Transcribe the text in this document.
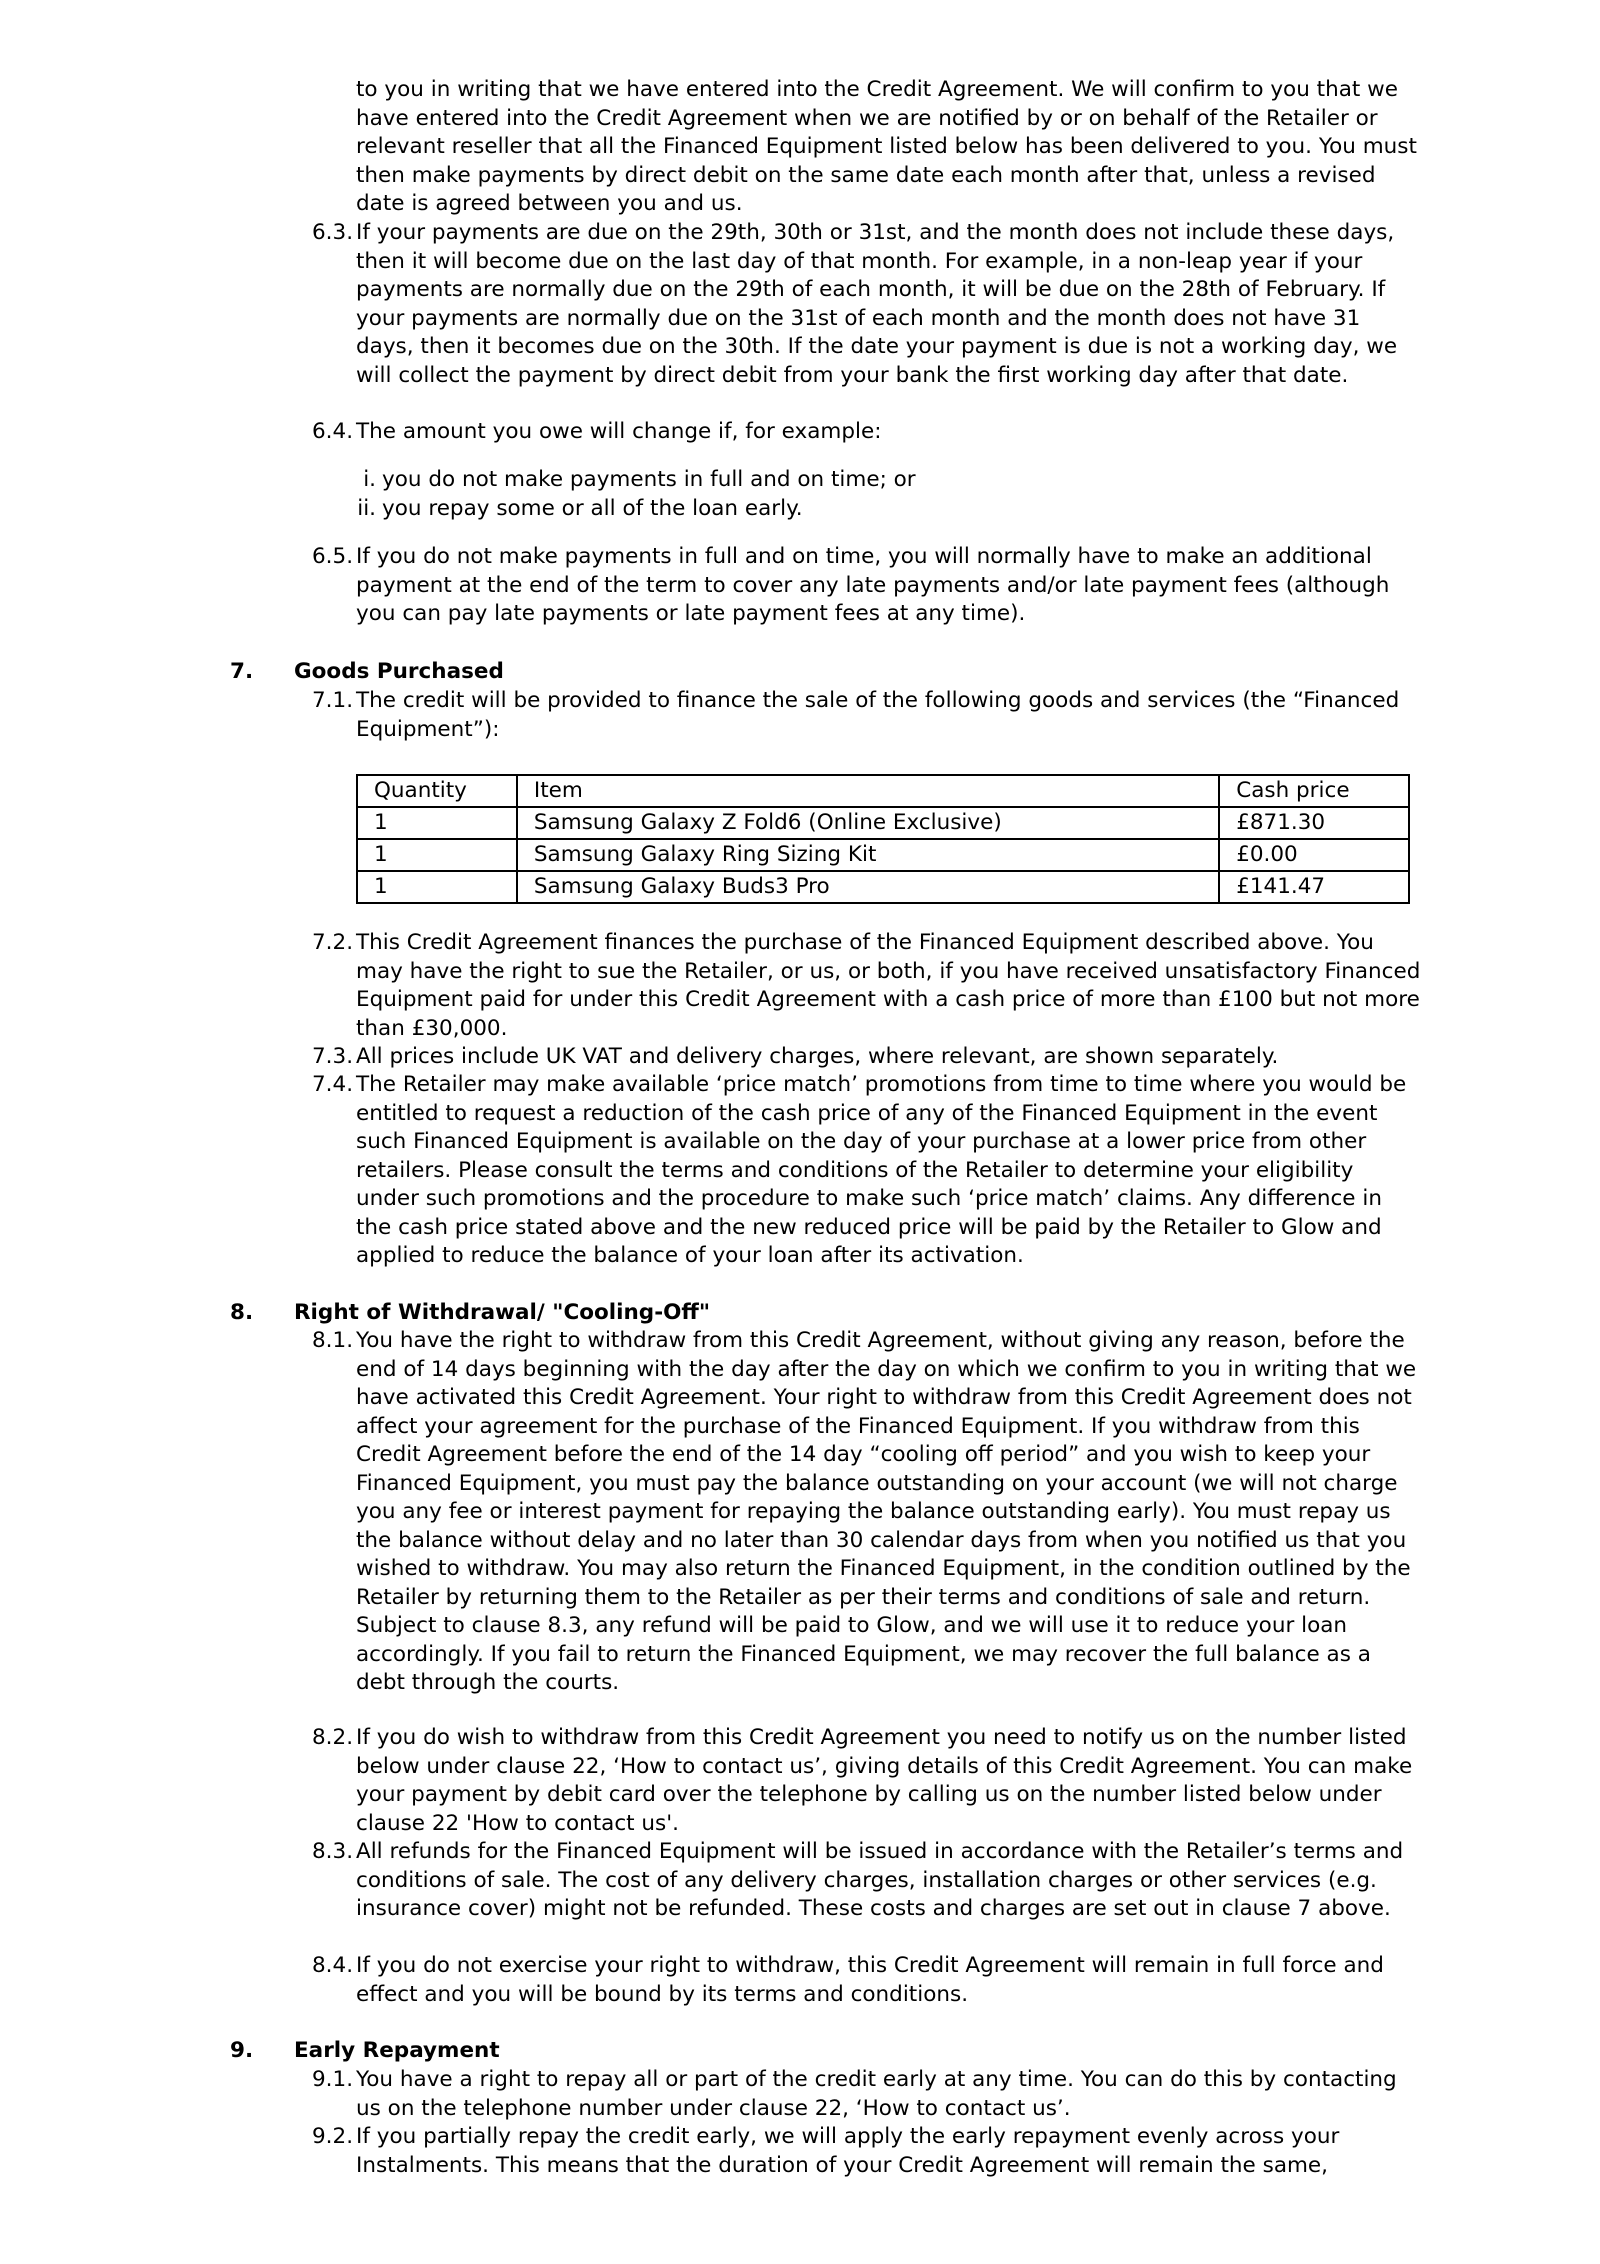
to you in writing that we have entered into the Credit Agreement. We will confirm to you that we have entered into the Credit Agreement when we are notified by or on behalf of the Retailer or relevant reseller that all the Financed Equipment listed below has been delivered to you. You must then make payments by direct debit on the same date each month after that, unless a revised date is agreed between you and us.
6.3. If your payments are due on the 29th, 30th or 31st, and the month does not include these days, then it will become due on the last day of that month. For example, in a non-leap year if your payments are normally due on the 29th of each month, it will be due on the 28th of February. If your payments are normally due on the 31st of each month and the month does not have 31 days, then it becomes due on the 30th. If the date your payment is due is not a working day, we will collect the payment by direct debit from your bank the first working day after that date.
6.4. The amount you owe will change if, for example:
i. you do not make payments in full and on time; or
ii. you repay some or all of the loan early.
6.5. If you do not make payments in full and on time, you will normally have to make an additional payment at the end of the term to cover any late payments and/or late payment fees (although you can pay late payments or late payment fees at any time).
7. Goods Purchased
7.1. The credit will be provided to finance the sale of the following goods and services (the “Financed Equipment”):
Quantity	Item	Cash price
1	Samsung Galaxy Z Fold6 (Online Exclusive)	£871.30
1	Samsung Galaxy Ring Sizing Kit	£0.00
1	Samsung Galaxy Buds3 Pro	£141.47
7.2. This Credit Agreement finances the purchase of the Financed Equipment described above. You may have the right to sue the Retailer, or us, or both, if you have received unsatisfactory Financed Equipment paid for under this Credit Agreement with a cash price of more than £100 but not more than £30,000.
7.3. All prices include UK VAT and delivery charges, where relevant, are shown separately.
7.4. The Retailer may make available ‘price match’ promotions from time to time where you would be entitled to request a reduction of the cash price of any of the Financed Equipment in the event such Financed Equipment is available on the day of your purchase at a lower price from other retailers. Please consult the terms and conditions of the Retailer to determine your eligibility under such promotions and the procedure to make such ‘price match’ claims. Any difference in the cash price stated above and the new reduced price will be paid by the Retailer to Glow and applied to reduce the balance of your loan after its activation.
8. Right of Withdrawal/ "Cooling-Off"
8.1. You have the right to withdraw from this Credit Agreement, without giving any reason, before the end of 14 days beginning with the day after the day on which we confirm to you in writing that we have activated this Credit Agreement. Your right to withdraw from this Credit Agreement does not affect your agreement for the purchase of the Financed Equipment. If you withdraw from this Credit Agreement before the end of the 14 day “cooling off period” and you wish to keep your Financed Equipment, you must pay the balance outstanding on your account (we will not charge you any fee or interest payment for repaying the balance outstanding early). You must repay us the balance without delay and no later than 30 calendar days from when you notified us that you wished to withdraw. You may also return the Financed Equipment, in the condition outlined by the Retailer by returning them to the Retailer as per their terms and conditions of sale and return. Subject to clause 8.3, any refund will be paid to Glow, and we will use it to reduce your loan accordingly. If you fail to return the Financed Equipment, we may recover the full balance as a debt through the courts.
8.2. If you do wish to withdraw from this Credit Agreement you need to notify us on the number listed below under clause 22, ‘How to contact us’, giving details of this Credit Agreement. You can make your payment by debit card over the telephone by calling us on the number listed below under clause 22 'How to contact us'.
8.3. All refunds for the Financed Equipment will be issued in accordance with the Retailer’s terms and conditions of sale. The cost of any delivery charges, installation charges or other services (e.g. insurance cover) might not be refunded. These costs and charges are set out in clause 7 above.
8.4. If you do not exercise your right to withdraw, this Credit Agreement will remain in full force and effect and you will be bound by its terms and conditions.
9. Early Repayment
9.1. You have a right to repay all or part of the credit early at any time. You can do this by contacting us on the telephone number under clause 22, ‘How to contact us’.
9.2. If you partially repay the credit early, we will apply the early repayment evenly across your Instalments. This means that the duration of your Credit Agreement will remain the same,
